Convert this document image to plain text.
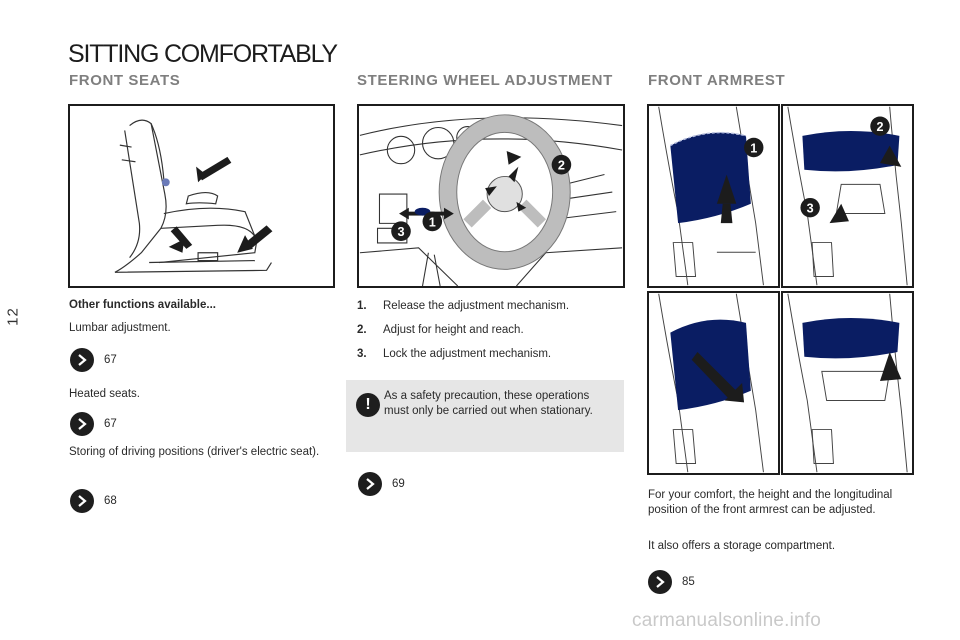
12
SITTING COMFORTABLY
FRONT SEATS	STEERING WHEEL ADJUSTMENT FRONT ARMREST
2
1
3
1
2
3
Other functions available...
Lumbar adjustment.
67
Heated seats.
67
Storing of driving positions (driver's electric seat).
68
1.	Release the adjustment mechanism.
2.	Adjust for height and reach.
3.	Lock the adjustment mechanism.
!	As a safety precaution, these operations must only be carried out when stationary.
69
For your comfort, the height and the longitudinal position of the front armrest can be adjusted.
It also offers a storage compartment.
85
carmanualsonline.info
